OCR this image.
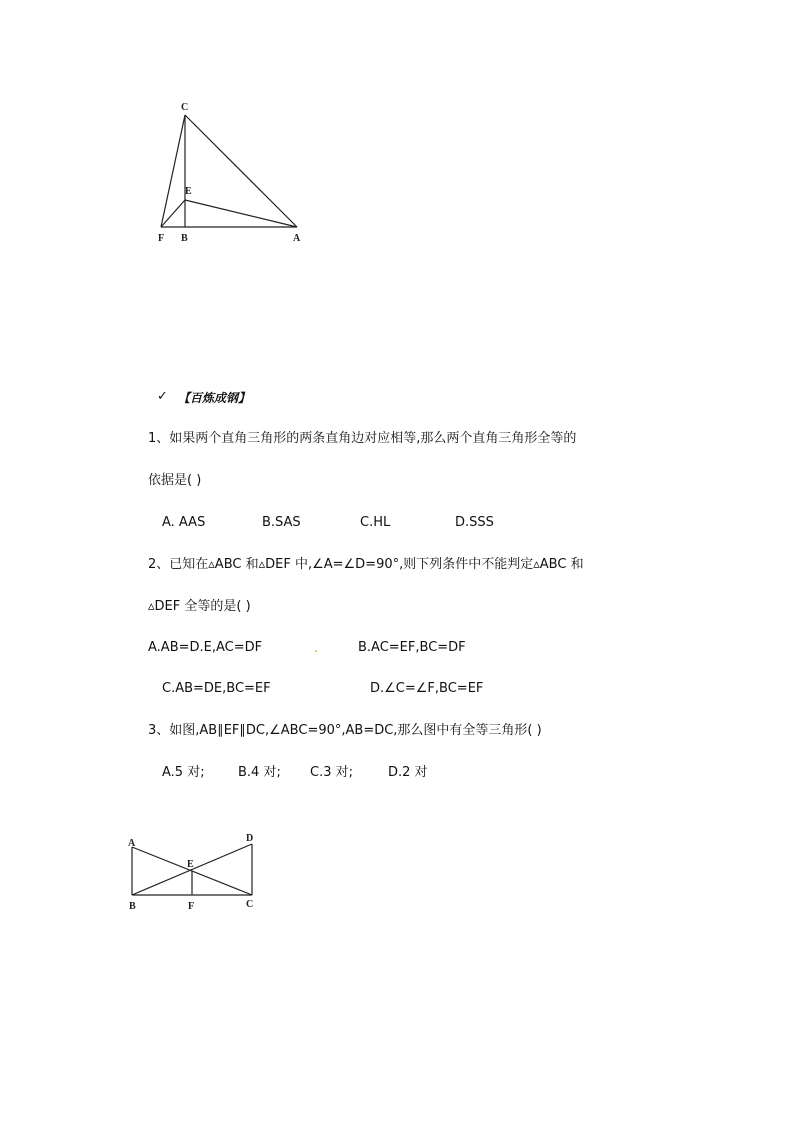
C
E
F B	A
✓ 【百炼成钢】
1、如果两个直角三角形的两条直角边对应相等,那么两个直角三角形全等的
依据是( )
A. AAS	B.SAS	C.HL	D.SSS
2、已知在▵ABC 和▵DEF 中,∠A=∠D=90°,则下列条件中不能判定▵ABC 和
▵DEF 全等的是( )
A.AB=D.E,AC=DF	.	B.AC=EF,BC=DF
C.AB=DE,BC=EF	D.∠C=∠F,BC=EF
3、如图,AB∥EF∥DC,∠ABC=90°,AB=DC,那么图中有全等三角形( )
A.5 对;	B.4 对; C.3 对;	D.2 对
A	D
E
B	F	C
